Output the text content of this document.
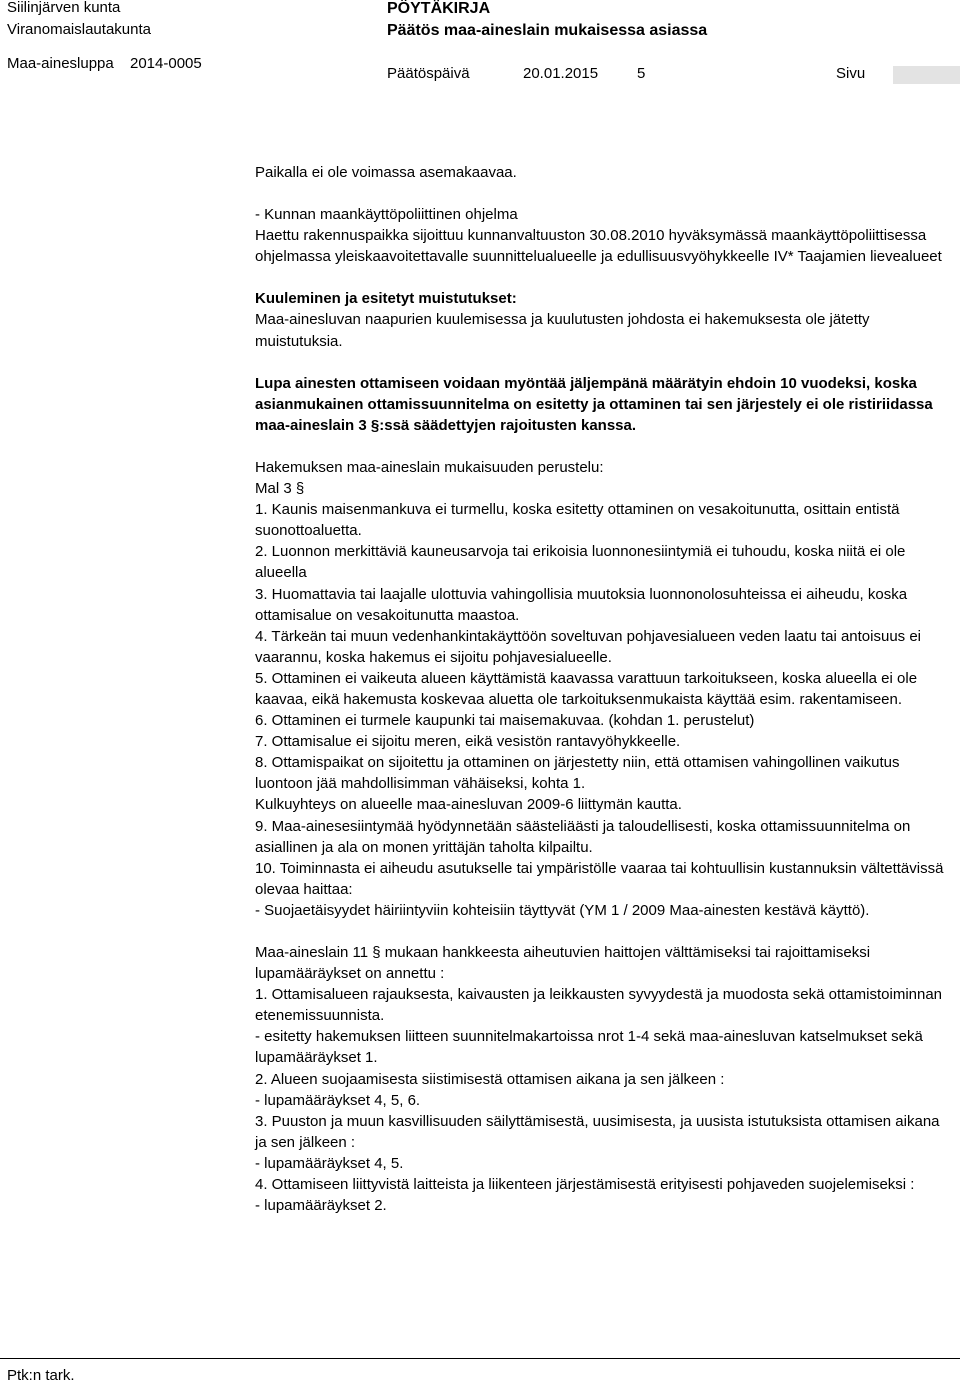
Siilinjärven kunta
Viranomaislautakunta
Maa-ainesluppa 2014-0005
PÖYTÄKIRJA
Päätös maa-aineslain mukaisessa asiassa
Päätöspäivä	20.01.2015	5	Sivu

Paikalla ei ole voimassa asemakaavaa.

- Kunnan maankäyttöpoliittinen ohjelma

Haettu rakennuspaikka sijoittuu kunnanvaltuuston 30.08.2010 hyväksymässä maankäyttöpoliittisessa ohjelmassa yleiskaavoitettavalle suunnittelualueelle ja edullisuusvyöhykkeelle IV* Taajamien lievealueet

Kuuleminen ja esitetyt muistutukset:

Maa-ainesluvan naapurien kuulemisessa ja kuulutusten johdosta ei hakemuksesta ole jätetty muistutuksia.

Lupa ainesten ottamiseen voidaan myöntää jäljempänä määrätyin ehdoin 10 vuodeksi, koska asianmukainen ottamissuunnitelma on esitetty ja ottaminen tai sen järjestely ei ole ristiriidassa maa-aineslain 3 §:ssä säädettyjen rajoitusten kanssa.

Hakemuksen maa-aineslain mukaisuuden perustelu:

Mal 3 §

1. Kaunis maisenmankuva ei turmellu, koska esitetty ottaminen on vesakoitunutta, osittain entistä suonottoaluetta.

2. Luonnon merkittäviä kauneusarvoja tai erikoisia luonnonesiintymiä ei tuhoudu, koska niitä ei ole alueella

3. Huomattavia tai laajalle ulottuvia vahingollisia muutoksia luonnonolosuhteissa ei aiheudu, koska ottamisalue on vesakoitunutta maastoa.

4. Tärkeän tai muun vedenhankintakäyttöön soveltuvan pohjavesialueen veden laatu tai antoisuus ei vaarannu, koska hakemus ei sijoitu pohjavesialueelle.

5. Ottaminen ei vaikeuta alueen käyttämistä kaavassa varattuun tarkoitukseen, koska alueella ei ole kaavaa, eikä hakemusta koskevaa aluetta ole tarkoituksenmukaista käyttää esim. rakentamiseen.

6. Ottaminen ei turmele kaupunki tai maisemakuvaa. (kohdan 1. perustelut)

7. Ottamisalue ei sijoitu meren, eikä vesistön rantavyöhykkeelle.

8. Ottamispaikat on sijoitettu ja ottaminen on järjestetty niin, että ottamisen vahingollinen vaikutus luontoon jää mahdollisimman vähäiseksi, kohta 1.

Kulkuyhteys on alueelle maa-ainesluvan 2009-6 liittymän kautta.

9. Maa-ainesesiintymää hyödynnetään säästeliäästi ja taloudellisesti, koska ottamissuunnitelma on asiallinen ja ala on monen yrittäjän taholta kilpailtu.

10. Toiminnasta ei aiheudu asutukselle tai ympäristölle vaaraa tai kohtuullisin kustannuksin vältettävissä olevaa haittaa:

- Suojaetäisyydet häiriintyviin kohteisiin täyttyvät (YM 1 / 2009 Maa-ainesten kestävä käyttö).

Maa-aineslain 11 § mukaan hankkeesta aiheutuvien haittojen välttämiseksi tai rajoittamiseksi lupamääräykset on annettu :

1. Ottamisalueen rajauksesta, kaivausten ja leikkausten syvyydestä ja muodosta sekä ottamistoiminnan etenemissuunnista.

- esitetty hakemuksen liitteen suunnitelmakartoissa nrot 1-4 sekä maa-ainesluvan katselmukset sekä lupamääräykset 1.

2. Alueen suojaamisesta siistimisestä ottamisen aikana ja sen jälkeen :

- lupamääräykset 4, 5, 6.

3. Puuston ja muun kasvillisuuden säilyttämisestä, uusimisesta, ja uusista istutuksista ottamisen aikana ja sen jälkeen :

- lupamääräykset 4, 5.

4. Ottamiseen liittyvistä laitteista ja liikenteen järjestämisestä erityisesti pohjaveden suojelemiseksi :

- lupamääräykset 2.

Ptk:n tark.
